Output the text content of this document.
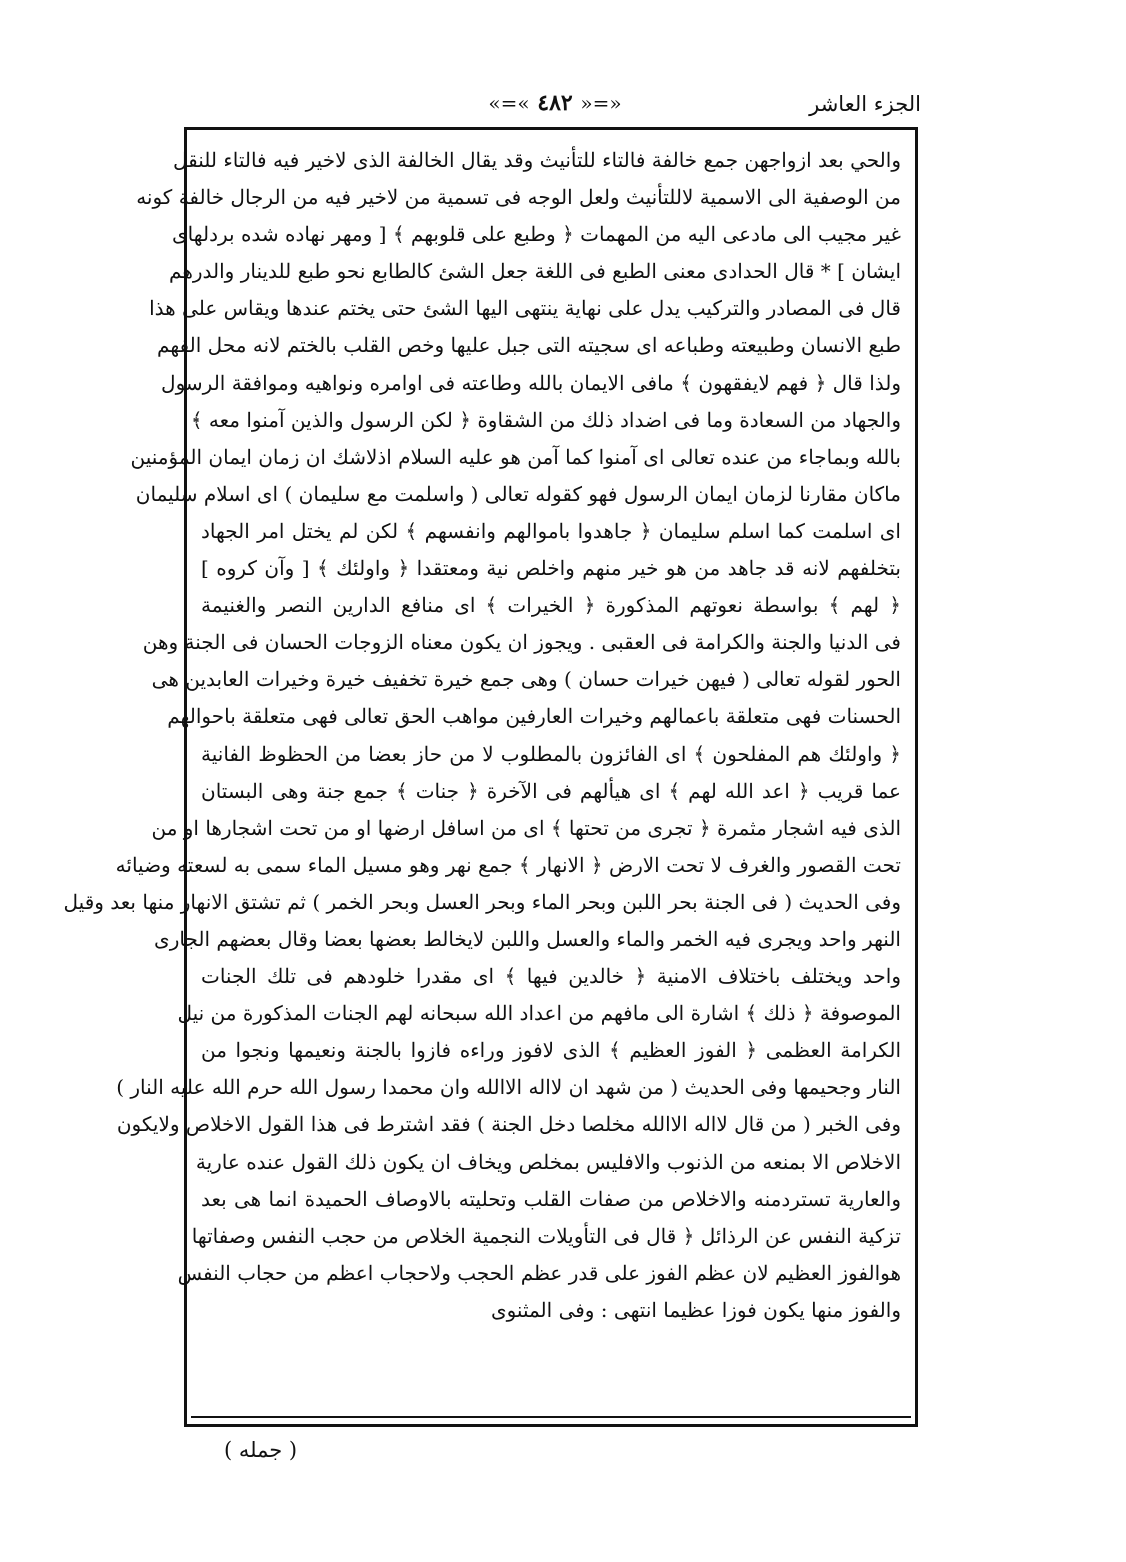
الجزء العاشر
«=« ٤٨٢ »=»
والحي بعد ازواجهن جمع خالفة فالتاء للتأنيث وقد يقال الخالفة الذى لاخير فيه فالتاء للنقل
من الوصفية الى الاسمية لاللتأنيث ولعل الوجه فى تسمية من لاخير فيه من الرجال خالفة كونه
غير مجيب الى مادعى اليه من المهمات ﴿ وطبع على قلوبهم ﴾ [ ومهر نهاده شده بردلهاى
ايشان ] * قال الحدادى معنى الطبع فى اللغة جعل الشئ كالطابع نحو طبع للدينار والدرهم
قال فى المصادر والتركيب يدل على نهاية ينتهى اليها الشئ حتى يختم عندها ويقاس على هذا
طبع الانسان وطبيعته وطباعه اى سجيته التى جبل عليها وخص القلب بالختم لانه محل الفهم
ولذا قال ﴿ فهم لايفقهون ﴾ مافى الايمان بالله وطاعته فى اوامره ونواهيه وموافقة الرسول
والجهاد من السعادة وما فى اضداد ذلك من الشقاوة ﴿ لكن الرسول والذين آمنوا معه ﴾
بالله وبماجاء من عنده تعالى اى آمنوا كما آمن هو عليه السلام اذلاشك ان زمان ايمان المؤمنين
ماكان مقارنا لزمان ايمان الرسول فهو كقوله تعالى ( واسلمت مع سليمان ) اى اسلام سليمان
اى اسلمت كما اسلم سليمان ﴿ جاهدوا باموالهم وانفسهم ﴾ لكن لم يختل امر الجهاد
بتخلفهم لانه قد جاهد من هو خير منهم واخلص نية ومعتقدا ﴿ واولئك ﴾ [ وآن كروه ]
﴿ لهم ﴾ بواسطة نعوتهم المذكورة ﴿ الخيرات ﴾ اى منافع الدارين النصر والغنيمة
فى الدنيا والجنة والكرامة فى العقبى . ويجوز ان يكون معناه الزوجات الحسان فى الجنة وهن
الحور لقوله تعالى ( فيهن خيرات حسان ) وهى جمع خيرة تخفيف خيرة وخيرات العابدين هى
الحسنات فهى متعلقة باعمالهم وخيرات العارفين مواهب الحق تعالى فهى متعلقة باحوالهم
﴿ واولئك هم المفلحون ﴾ اى الفائزون بالمطلوب لا من حاز بعضا من الحظوظ الفانية
عما قريب ﴿ اعد الله لهم ﴾ اى هيألهم فى الآخرة ﴿ جنات ﴾ جمع جنة وهى البستان
الذى فيه اشجار مثمرة ﴿ تجرى من تحتها ﴾ اى من اسافل ارضها او من تحت اشجارها او من
تحت القصور والغرف لا تحت الارض ﴿ الانهار ﴾ جمع نهر وهو مسيل الماء سمى به لسعته وضيائه
وفى الحديث ( فى الجنة بحر اللبن وبحر الماء وبحر العسل وبحر الخمر ) ثم تشتق الانهار منها بعد وقيل
النهر واحد ويجرى فيه الخمر والماء والعسل واللبن لايخالط بعضها بعضا وقال بعضهم الجارى
واحد ويختلف باختلاف الامنية ﴿ خالدين فيها ﴾ اى مقدرا خلودهم فى تلك الجنات
الموصوفة ﴿ ذلك ﴾ اشارة الى مافهم من اعداد الله سبحانه لهم الجنات المذكورة من نيل
الكرامة العظمى ﴿ الفوز العظيم ﴾ الذى لافوز وراءه فازوا بالجنة ونعيمها ونجوا من
النار وجحيمها وفى الحديث ( من شهد ان لااله الاالله وان محمدا رسول الله حرم الله عليه النار )
وفى الخبر ( من قال لااله الاالله مخلصا دخل الجنة ) فقد اشترط فى هذا القول الاخلاص ولايكون
الاخلاص الا بمنعه من الذنوب والافليس بمخلص ويخاف ان يكون ذلك القول عنده عارية
والعارية تستردمنه والاخلاص من صفات القلب وتحليته بالاوصاف الحميدة انما هى بعد
تزكية النفس عن الرذائل ﴿ قال فى التأويلات النجمية الخلاص من حجب النفس وصفاتها
هوالفوز العظيم لان عظم الفوز على قدر عظم الحجب ولاحجاب اعظم من حجاب النفس
والفوز منها يكون فوزا عظيما انتهى : وفى المثنوى
( جمله )
